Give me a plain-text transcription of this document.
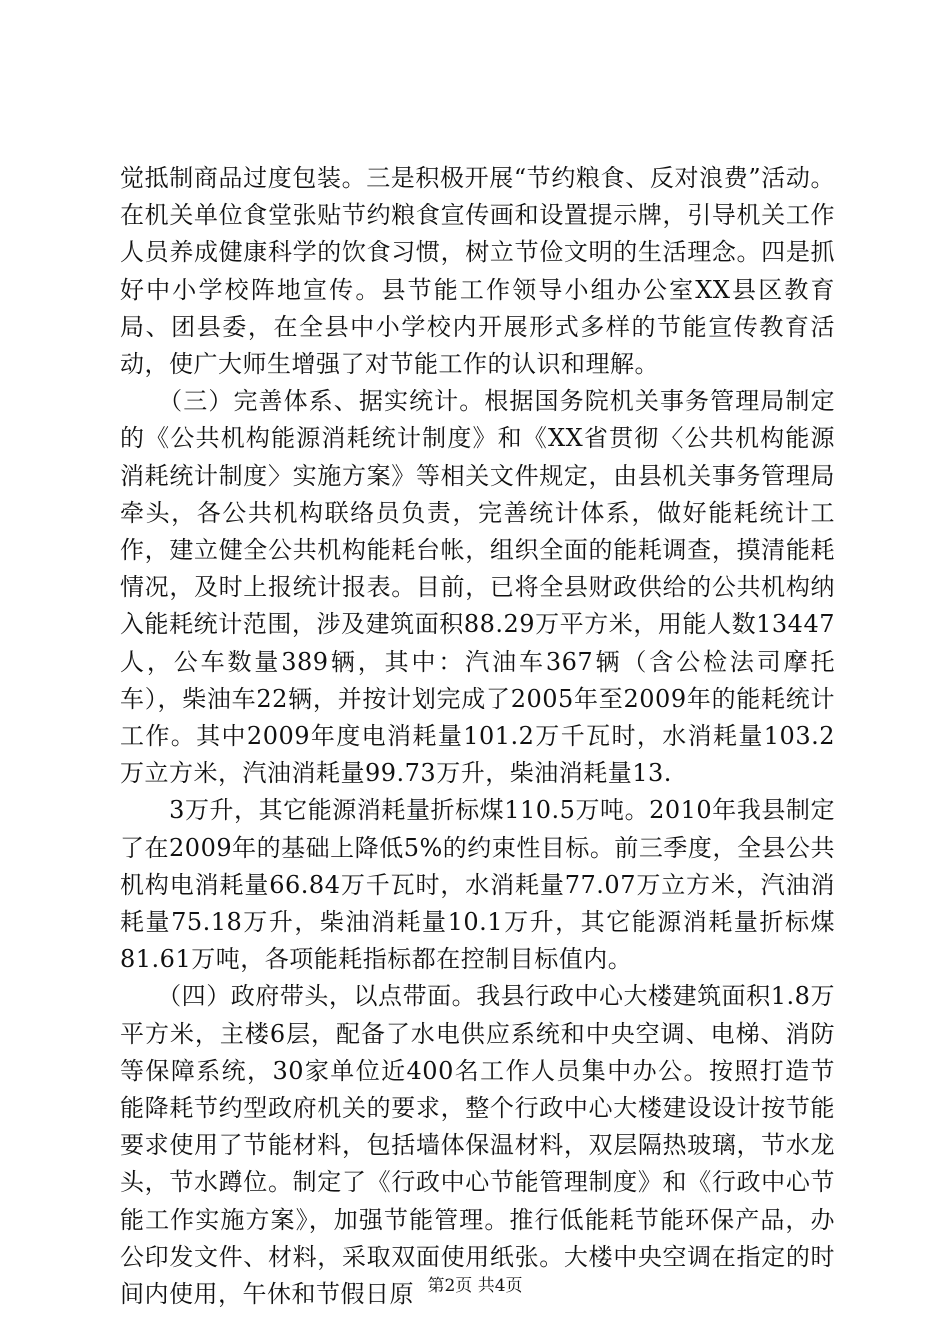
觉抵制商品过度包装。三是积极开展“节约粮食、反对浪费”活动。在机关单位食堂张贴节约粮食宣传画和设置提示牌，引导机关工作人员养成健康科学的饮食习惯，树立节俭文明的生活理念。四是抓好中小学校阵地宣传。县节能工作领导小组办公室XX县区教育局、团县委，在全县中小学校内开展形式多样的节能宣传教育活动，使广大师生增强了对节能工作的认识和理解。

　　（三）完善体系、据实统计。根据国务院机关事务管理局制定的《公共机构能源消耗统计制度》和《XX省贯彻〈公共机构能源消耗统计制度〉实施方案》等相关文件规定，由县机关事务管理局牵头，各公共机构联络员负责，完善统计体系，做好能耗统计工作，建立健全公共机构能耗台帐，组织全面的能耗调查，摸清能耗情况，及时上报统计报表。目前，已将全县财政供给的公共机构纳入能耗统计范围，涉及建筑面积88.29万平方米，用能人数13447人，公车数量389辆，其中：汽油车367辆（含公检法司摩托车），柴油车22辆，并按计划完成了2005年至2009年的能耗统计工作。其中2009年度电消耗量101.2万千瓦时，水消耗量103.2万立方米，汽油消耗量99.73万升，柴油消耗量13.

　　3万升，其它能源消耗量折标煤110.5万吨。2010年我县制定了在2009年的基础上降低5%的约束性目标。前三季度，全县公共机构电消耗量66.84万千瓦时，水消耗量77.07万立方米，汽油消耗量75.18万升，柴油消耗量10.1万升，其它能源消耗量折标煤81.61万吨，各项能耗指标都在控制目标值内。

　　（四）政府带头，以点带面。我县行政中心大楼建筑面积1.8万平方米，主楼6层，配备了水电供应系统和中央空调、电梯、消防等保障系统，30家单位近400名工作人员集中办公。按照打造节能降耗节约型政府机关的要求，整个行政中心大楼建设设计按节能要求使用了节能材料，包括墙体保温材料，双层隔热玻璃，节水龙头，节水蹲位。制定了《行政中心节能管理制度》和《行政中心节能工作实施方案》，加强节能管理。推行低能耗节能环保产品，办公印发文件、材料，采取双面使用纸张。大楼中央空调在指定的时间内使用，午休和节假日原 第2页 共4页
